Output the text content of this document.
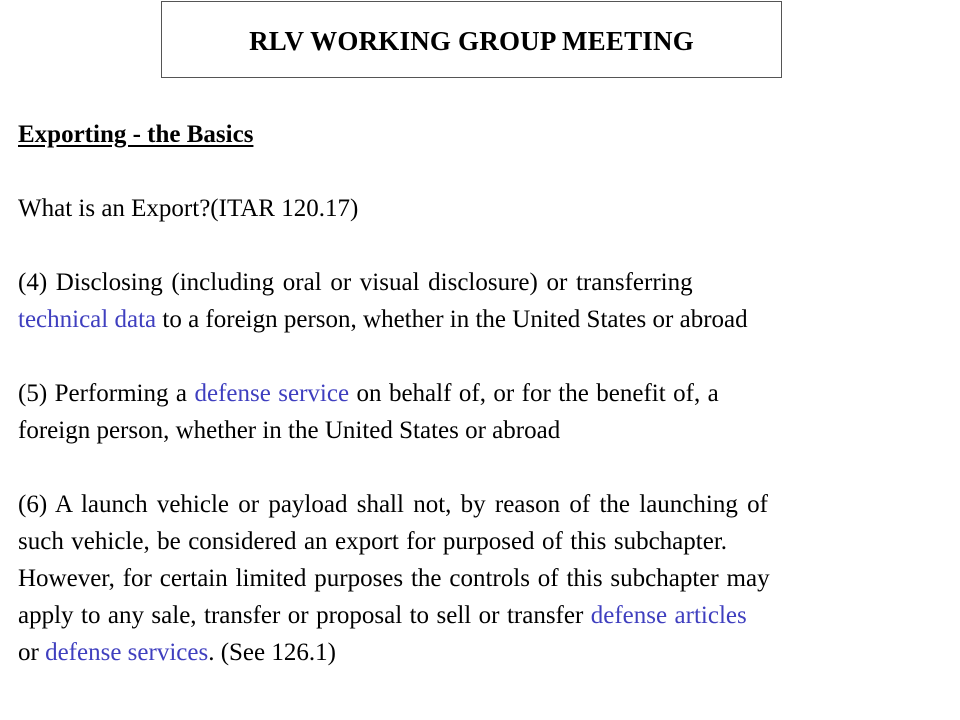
RLV WORKING GROUP MEETING
Exporting - the Basics
What is an Export?(ITAR 120.17)
(4) Disclosing (including oral or visual disclosure) or transferring
technical data to a foreign person, whether in the United States or abroad
(5) Performing a defense service on behalf of, or for the benefit of, a
foreign person, whether in the United States or abroad
(6) A launch vehicle or payload shall not, by reason of the launching of
such vehicle, be considered an export for purposed of this subchapter.
However, for certain limited purposes the controls of this subchapter may
apply to any sale, transfer or proposal to sell or transfer defense articles
or defense services. (See 126.1)
